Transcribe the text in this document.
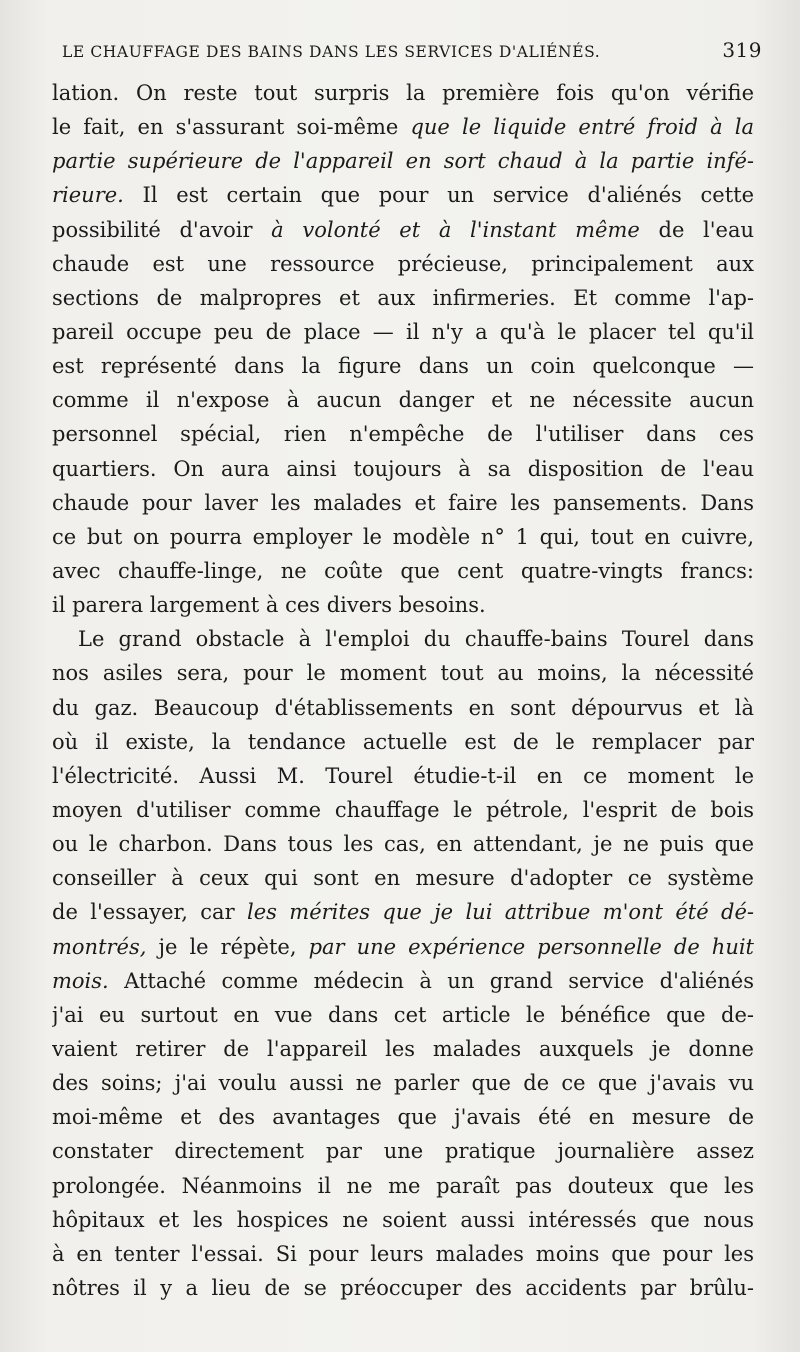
LE CHAUFFAGE DES BAINS DANS LES SERVICES D'ALIÉNÉS.	319
lation. On reste tout surpris la première fois qu'on vérifie
le fait, en s'assurant soi-même que le liquide entré froid à la
partie supérieure de l'appareil en sort chaud à la partie infé-
rieure. Il est certain que pour un service d'aliénés cette
possibilité d'avoir à volonté et à l'instant même de l'eau
chaude est une ressource précieuse, principalement aux
sections de malpropres et aux infirmeries. Et comme l'ap-
pareil occupe peu de place — il n'y a qu'à le placer tel qu'il
est représenté dans la figure dans un coin quelconque —
comme il n'expose à aucun danger et ne nécessite aucun
personnel spécial, rien n'empêche de l'utiliser dans ces
quartiers. On aura ainsi toujours à sa disposition de l'eau
chaude pour laver les malades et faire les pansements. Dans
ce but on pourra employer le modèle n° 1 qui, tout en cuivre,
avec chauffe-linge, ne coûte que cent quatre-vingts francs:
il parera largement à ces divers besoins.
Le grand obstacle à l'emploi du chauffe-bains Tourel dans
nos asiles sera, pour le moment tout au moins, la nécessité
du gaz. Beaucoup d'établissements en sont dépourvus et là
où il existe, la tendance actuelle est de le remplacer par
l'électricité. Aussi M. Tourel étudie-t-il en ce moment le
moyen d'utiliser comme chauffage le pétrole, l'esprit de bois
ou le charbon. Dans tous les cas, en attendant, je ne puis que
conseiller à ceux qui sont en mesure d'adopter ce système
de l'essayer, car les mérites que je lui attribue m'ont été dé-
montrés, je le répète, par une expérience personnelle de huit
mois. Attaché comme médecin à un grand service d'aliénés
j'ai eu surtout en vue dans cet article le bénéfice que de-
vaient retirer de l'appareil les malades auxquels je donne
des soins; j'ai voulu aussi ne parler que de ce que j'avais vu
moi-même et des avantages que j'avais été en mesure de
constater directement par une pratique journalière assez
prolongée. Néanmoins il ne me paraît pas douteux que les
hôpitaux et les hospices ne soient aussi intéressés que nous
à en tenter l'essai. Si pour leurs malades moins que pour les
nôtres il y a lieu de se préoccuper des accidents par brûlu-
